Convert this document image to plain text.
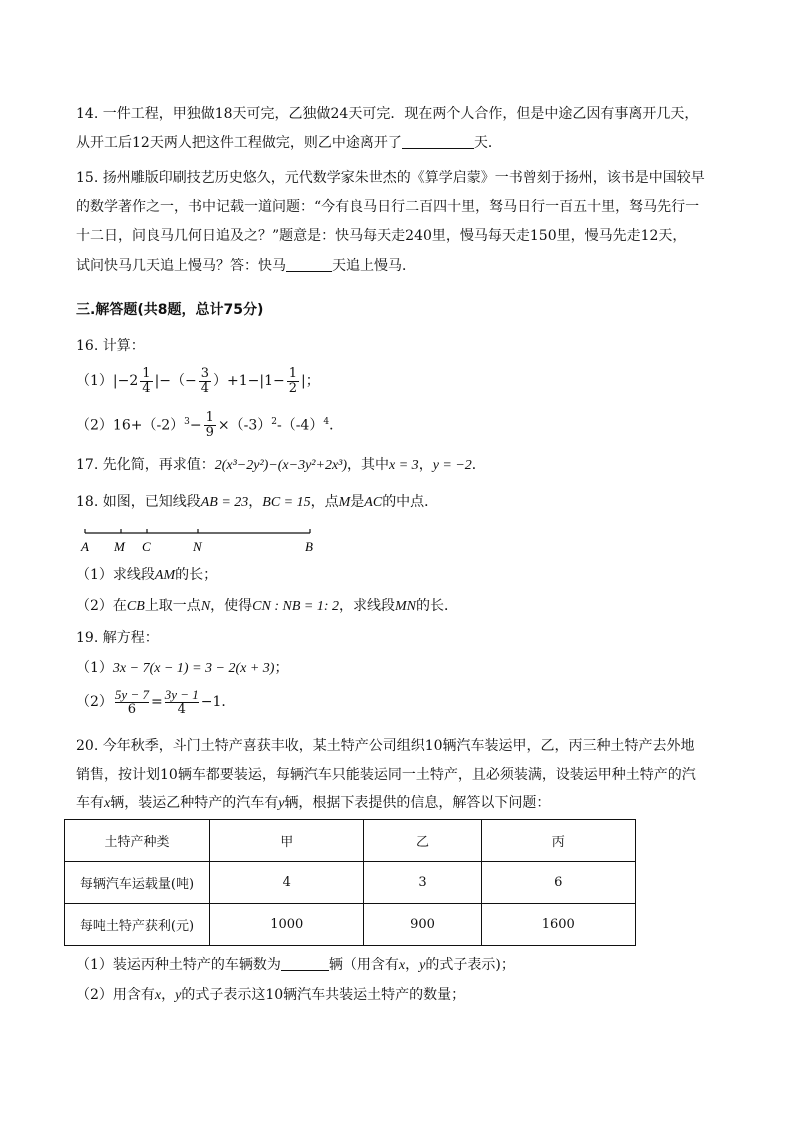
14. 一件工程，甲独做18天可完，乙独做24天可完．现在两个人合作，但是中途乙因有事离开几天，
从开工后12天两人把这件工程做完，则乙中途离开了	天．
15. 扬州雕版印刷技艺历史悠久，元代数学家朱世杰的《算学启蒙》一书曾刻于扬州，该书是中国较早
的数学著作之一，书中记载一道问题：“今有良马日行二百四十里，驽马日行一百五十里，驽马先行一
十二日，问良马几何日追及之？”题意是：快马每天走240里，慢马每天走150里，慢马先走12天，
试问快马几天追上慢马？答：快马	天追上慢马．
三.解答题(共8题，总计75分)
16. 计算：
$(1)|-2 \frac{1}{4}$ |−（− $\frac{3}{4} )+1-|1- \frac{1}{2}$ |；
$(2)16+(-2)^3- \frac{1}{9} \times(-3)^2-(-4)^4$．
17. 先化简，再求值：2(x³−2y²)−(x−3y²+2x³)，其中x = 3，y = −2．
18. 如图，已知线段AB = 23，BC = 15，点M是AC的中点．
A M C	N	B
（1）求线段AM的长；
（2）在CB上取一点N，使得CN : NB = 1: 2，求线段MN的长．
19. 解方程：
（1）3x − 7(x − 1) = 3 − 2(x + 3)；
$(2) \frac{5y - 7}{6} = \frac{3y - 1}{4} -1$．
20. 今年秋季，斗门土特产喜获丰收，某土特产公司组织10辆汽车装运甲，乙，丙三种土特产去外地
销售，按计划10辆车都要装运，每辆汽车只能装运同一土特产，且必须装满，设装运甲种土特产的汽
车有x辆，装运乙种特产的汽车有y辆，根据下表提供的信息，解答以下问题：
土特产种类	甲	乙	丙
每辆汽车运载量(吨)	4	3	6
每吨土特产获利(元)	1000	900	1600
（1）装运丙种土特产的车辆数为	辆（用含有x，y的式子表示)；
（2）用含有x，y的式子表示这10辆汽车共装运土特产的数量；
